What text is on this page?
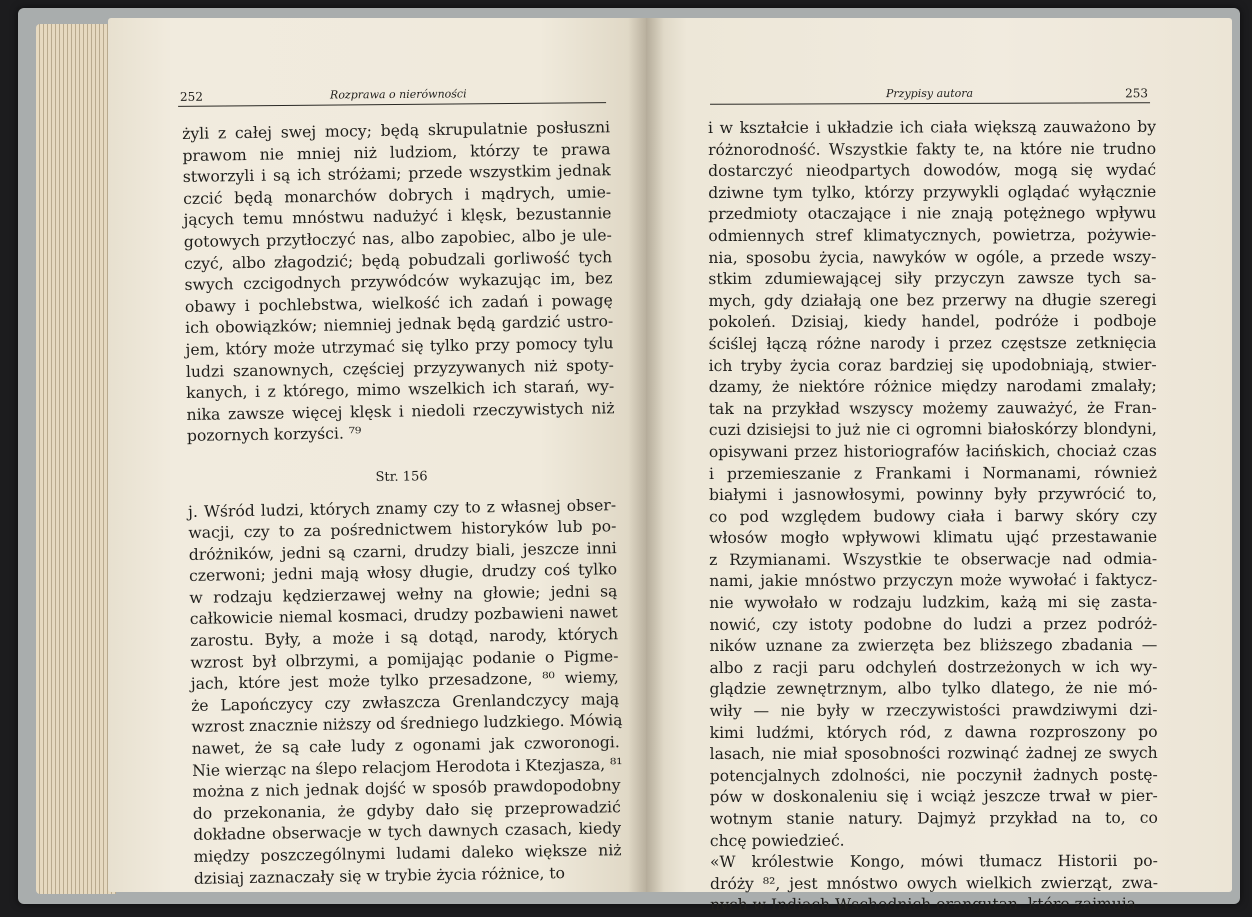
252	Rozprawa o nierówności
żyli z całej swej mocy; będą skrupulatnie posłuszni
prawom nie mniej niż ludziom, którzy te prawa
stworzyli i są ich stróżami; przede wszystkim jednak
czcić będą monarchów dobrych i mądrych, umie-
jących temu mnóstwu nadużyć i klęsk, bezustannie
gotowych przytłoczyć nas, albo zapobiec, albo je ule-
czyć, albo złagodzić; będą pobudzali gorliwość tych
swych czcigodnych przywódców wykazując im, bez
obawy i pochlebstwa, wielkość ich zadań i powagę
ich obowiązków; niemniej jednak będą gardzić ustro-
jem, który może utrzymać się tylko przy pomocy tylu
ludzi szanownych, częściej przyzywanych niż spoty-
kanych, i z którego, mimo wszelkich ich starań, wy-
nika zawsze więcej klęsk i niedoli rzeczywistych niż
pozornych korzyści. ⁷⁹
Str. 156
j. Wśród ludzi, których znamy czy to z własnej obser-
wacji, czy to za pośrednictwem historyków lub po-
dróżników, jedni są czarni, drudzy biali, jeszcze inni
czerwoni; jedni mają włosy długie, drudzy coś tylko
w rodzaju kędzierzawej wełny na głowie; jedni są
całkowicie niemal kosmaci, drudzy pozbawieni nawet
zarostu. Były, a może i są dotąd, narody, których
wzrost był olbrzymi, a pomijając podanie o Pigme-
jach, które jest może tylko przesadzone, ⁸⁰ wiemy,
że Lapończycy czy zwłaszcza Grenlandczycy mają
wzrost znacznie niższy od średniego ludzkiego. Mówią
nawet, że są całe ludy z ogonami jak czworonogi.
Nie wierząc na ślepo relacjom Herodota i Ktezjasza, ⁸¹
można z nich jednak dojść w sposób prawdopodobny
do przekonania, że gdyby dało się przeprowadzić
dokładne obserwacje w tych dawnych czasach, kiedy
między poszczególnymi ludami daleko większe niż
dzisiaj zaznaczały się w trybie życia różnice, to
Przypisy autora	253
i w kształcie i układzie ich ciała większą zauważono by
różnorodność. Wszystkie fakty te, na które nie trudno
dostarczyć nieodpartych dowodów, mogą się wydać
dziwne tym tylko, którzy przywykli oglądać wyłącznie
przedmioty otaczające i nie znają potężnego wpływu
odmiennych stref klimatycznych, powietrza, pożywie-
nia, sposobu życia, nawyków w ogóle, a przede wszy-
stkim zdumiewającej siły przyczyn zawsze tych sa-
mych, gdy działają one bez przerwy na długie szeregi
pokoleń. Dzisiaj, kiedy handel, podróże i podboje
ściślej łączą różne narody i przez częstsze zetknięcia
ich tryby życia coraz bardziej się upodobniają, stwier-
dzamy, że niektóre różnice między narodami zmalały;
tak na przykład wszyscy możemy zauważyć, że Fran-
cuzi dzisiejsi to już nie ci ogromni białoskórzy blondyni,
opisywani przez historiografów łacińskich, chociaż czas
i przemieszanie z Frankami i Normanami, również
białymi i jasnowłosymi, powinny były przywrócić to,
co pod względem budowy ciała i barwy skóry czy
włosów mogło wpływowi klimatu ująć przestawanie
z Rzymianami. Wszystkie te obserwacje nad odmia-
nami, jakie mnóstwo przyczyn może wywołać i faktycz-
nie wywołało w rodzaju ludzkim, każą mi się zasta-
nowić, czy istoty podobne do ludzi a przez podróż-
ników uznane za zwierzęta bez bliższego zbadania —
albo z racji paru odchyleń dostrzeżonych w ich wy-
glądzie zewnętrznym, albo tylko dlatego, że nie mó-
wiły — nie były w rzeczywistości prawdziwymi dzi-
kimi ludźmi, których ród, z dawna rozproszony po
lasach, nie miał sposobności rozwinąć żadnej ze swych
potencjalnych zdolności, nie poczynił żadnych postę-
pów w doskonaleniu się i wciąż jeszcze trwał w pier-
wotnym stanie natury. Dajmyż przykład na to, co
chcę powiedzieć.
«W królestwie Kongo, mówi tłumacz Historii po-
dróży ⁸², jest mnóstwo owych wielkich zwierząt, zwa-
nych w Indiach Wschodnich orangutan, które zajmują
